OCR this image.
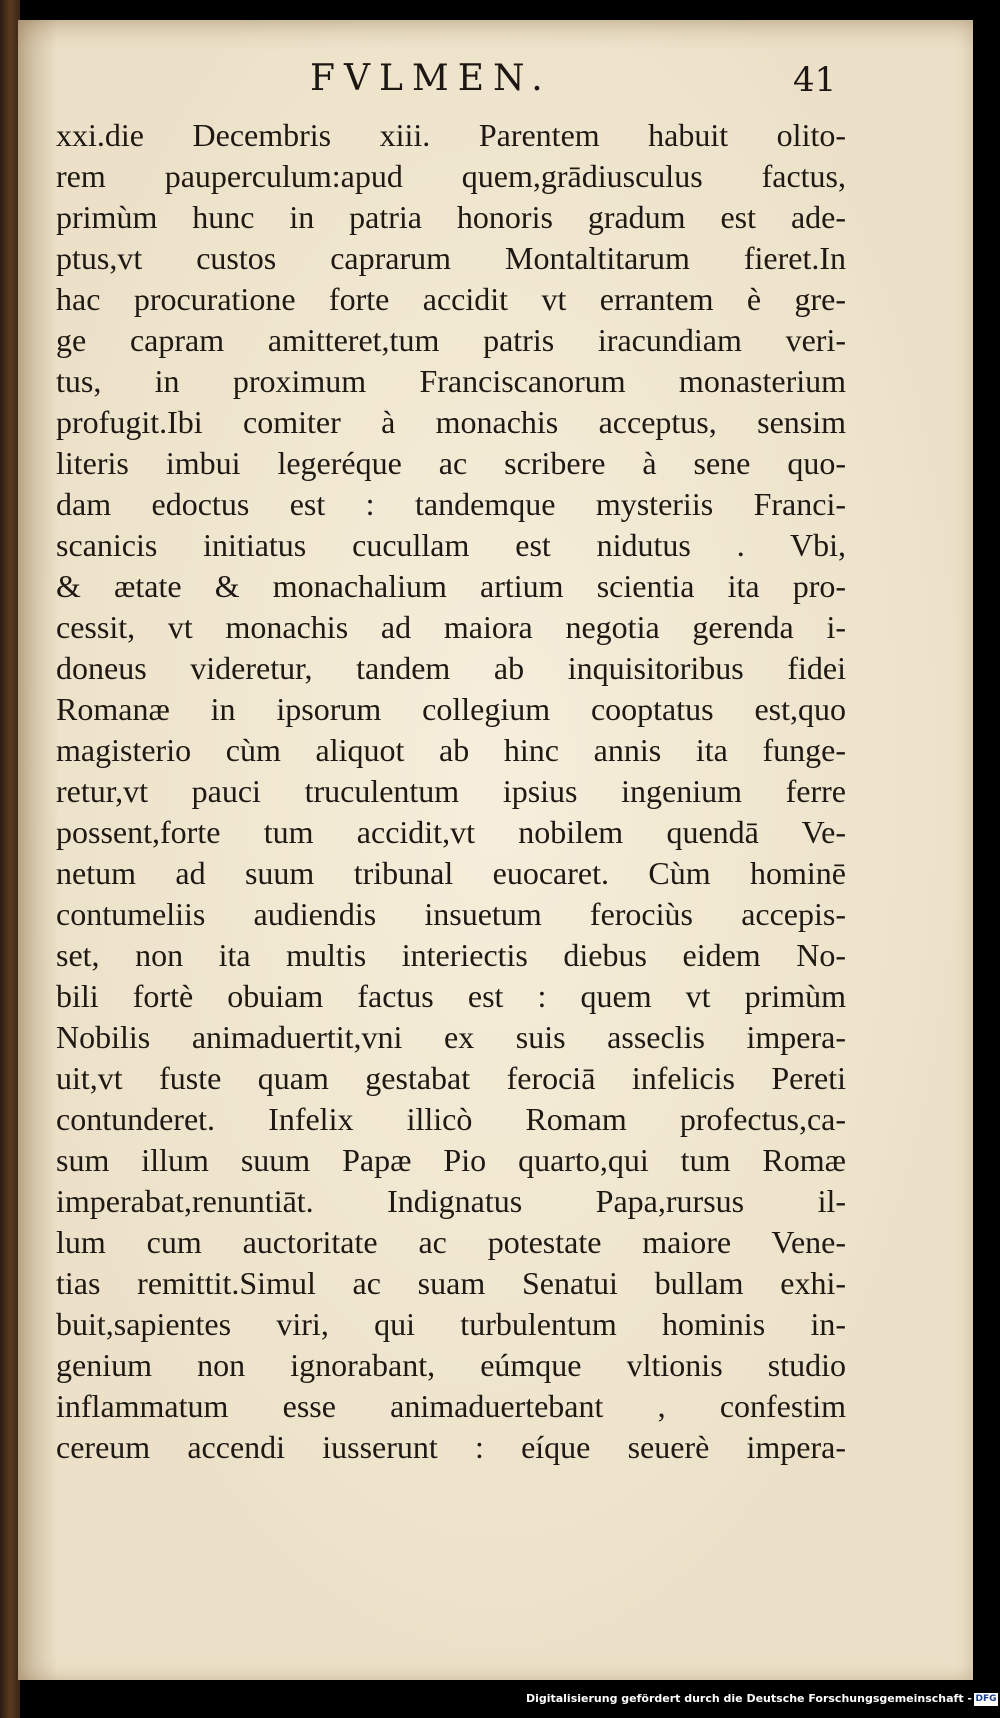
FVLMEN.	41
xxi.die Decembris xiii. Parentem habuit olito-
rem pauperculum:apud quem,grādiusculus factus,
primùm hunc in patria honoris gradum est ade-
ptus,vt custos caprarum Montaltitarum fieret.In
hac procuratione forte accidit vt errantem è gre-
ge capram amitteret,tum patris iracundiam veri-
tus, in proximum Franciscanorum monasterium
profugit.Ibi comiter à monachis acceptus, sensim
literis imbui legeréque ac scribere à sene quo-
dam edoctus est : tandemque mysteriis Franci-
scanicis initiatus cucullam est nidutus . Vbi,
& ætate & monachalium artium scientia ita pro-
cessit, vt monachis ad maiora negotia gerenda i-
doneus videretur, tandem ab inquisitoribus fidei
Romanæ in ipsorum collegium cooptatus est,quo
magisterio cùm aliquot ab hinc annis ita funge-
retur,vt pauci truculentum ipsius ingenium ferre
possent,forte tum accidit,vt nobilem quendā Ve-
netum ad suum tribunal euocaret. Cùm hominē
contumeliis audiendis insuetum ferociùs accepis-
set, non ita multis interiectis diebus eidem No-
bili fortè obuiam factus est : quem vt primùm
Nobilis animaduertit,vni ex suis asseclis impera-
uit,vt fuste quam gestabat ferociā infelicis Pereti
contunderet. Infelix illicò Romam profectus,ca-
sum illum suum Papæ Pio quarto,qui tum Romæ
imperabat,renuntiāt. Indignatus Papa,rursus il-
lum cum auctoritate ac potestate maiore Vene-
tias remittit.Simul ac suam Senatui bullam exhi-
buit,sapientes viri, qui turbulentum hominis in-
genium non ignorabant, eúmque vltionis studio
inflammatum esse animaduertebant , confestim
cereum accendi iusserunt : eíque seuerè impera-
Digitalisierung gefördert durch die Deutsche Forschungsgemeinschaft - DFG
